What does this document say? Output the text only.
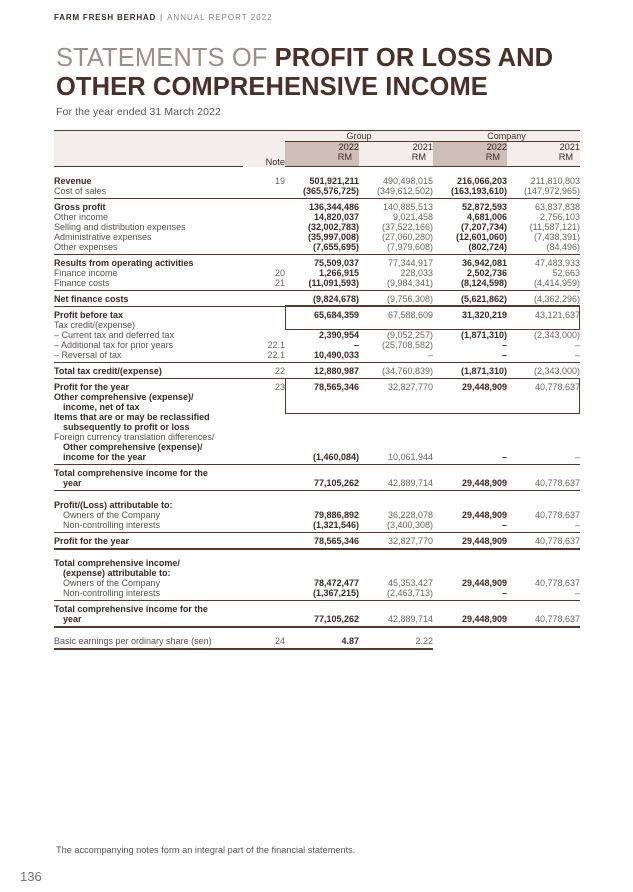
FARM FRESH BERHAD | ANNUAL REPORT 2022
STATEMENTS OF PROFIT OR LOSS AND
OTHER COMPREHENSIVE INCOME
For the year ended 31 March 2022
		Group		Company	
	Note	2022	2021	2022	2021
		RM	RM	RM	RM

Revenue	19	501,921,211	490,498,015	216,066,203	211,810,803
Cost of sales		(365,576,725)	(349,612,502)	(163,193,610)	(147,972,965)

Gross profit		136,344,486	140,885,513	52,872,593	63,837,838
Other income		14,820,037	9,021,458	4,681,006	2,756,103
Selling and distribution expenses		(32,002,783)	(37,522,166)	(7,207,734)	(11,587,121)
Administrative expenses		(35,997,008)	(27,060,280)	(12,601,060)	(7,438,391)
Other expenses		(7,655,695)	(7,979,608)	(802,724)	(84,496)

Results from operating activities		75,509,037	77,344,917	36,942,081	47,483,933
Finance income	20	1,266,915	228,033	2,502,736	52,663
Finance costs	21	(11,091,593)	(9,984,341)	(8,124,598)	(4,414,959)

Net finance costs		(9,824,678)	(9,756,308)	(5,621,862)	(4,362,296)

Profit before tax		65,684,359	67,588,609	31,320,219	43,121,637
Tax credit/(expense)					
– Current tax and deferred tax		2,390,954	(9,052,257)	(1,871,310)	(2,343,000)
– Additional tax for prior years	22.1	–	(25,708,582)	–	–
– Reversal of tax	22.1	10,490,033	–	–	–

Total tax credit/(expense)	22	12,880,987	(34,760,839)	(1,871,310)	(2,343,000)

Profit for the year	23	78,565,346	32,827,770	29,448,909	40,778,637
Other comprehensive (expense)/					
income, net of tax					
Items that are or may be reclassified					
subsequently to profit or loss					
Foreign currency translation differences/					
Other comprehensive (expense)/					
income for the year		(1,460,084)	10,061,944	–	–

Total comprehensive income for the					
year		77,105,262	42,889,714	29,448,909	40,778,637

Profit/(Loss) attributable to:					
Owners of the Company		79,886,892	36,228,078	29,448,909	40,778,637
Non-controlling interests		(1,321,546)	(3,400,308)	–	–

Profit for the year		78,565,346	32,827,770	29,448,909	40,778,637

Total comprehensive income/					
(expense) attributable to:					
Owners of the Company		78,472,477	45,353,427	29,448,909	40,778,637
Non-controlling interests		(1,367,215)	(2,463,713)	–	–

Total comprehensive income for the					
year		77,105,262	42,889,714	29,448,909	40,778,637

Basic earnings per ordinary share (sen)	24	4.87	2.22		

The accompanying notes form an integral part of the financial statements.
136
